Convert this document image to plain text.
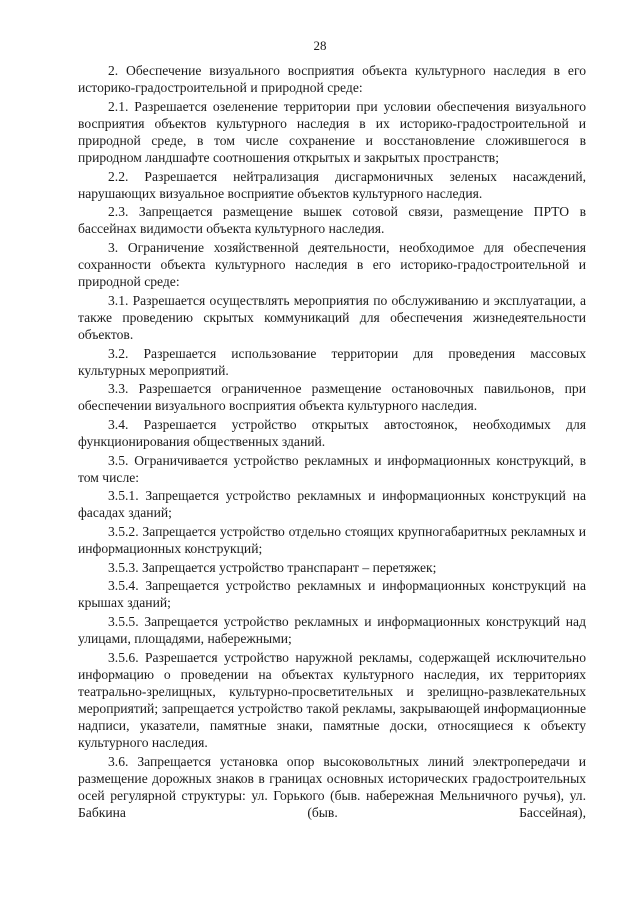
28

2. Обеспечение визуального восприятия объекта культурного наследия в его историко-градостроительной и природной среде:

2.1. Разрешается озеленение территории при условии обеспечения визуального восприятия объектов культурного наследия в их историко-градостроительной и природной среде, в том числе сохранение и восстановление сложившегося в природном ландшафте соотношения открытых и закрытых пространств;

2.2. Разрешается нейтрализация дисгармоничных зеленых насаждений, нарушающих визуальное восприятие объектов культурного наследия.

2.3. Запрещается размещение вышек сотовой связи, размещение ПРТО в бассейнах видимости объекта культурного наследия.

3. Ограничение хозяйственной деятельности, необходимое для обеспечения сохранности объекта культурного наследия в его историко-градостроительной и природной среде:

3.1. Разрешается осуществлять мероприятия по обслуживанию и эксплуатации, а также проведению скрытых коммуникаций для обеспечения жизнедеятельности объектов.

3.2. Разрешается использование территории для проведения массовых культурных мероприятий.

3.3. Разрешается ограниченное размещение остановочных павильонов, при обеспечении визуального восприятия объекта культурного наследия.

3.4. Разрешается устройство открытых автостоянок, необходимых для функционирования общественных зданий.

3.5. Ограничивается устройство рекламных и информационных конструкций, в том числе:

3.5.1. Запрещается устройство рекламных и информационных конструкций на фасадах зданий;

3.5.2. Запрещается устройство отдельно стоящих крупногабаритных рекламных и информационных конструкций;

3.5.3. Запрещается устройство транспарант – перетяжек;

3.5.4. Запрещается устройство рекламных и информационных конструкций на крышах зданий;

3.5.5. Запрещается устройство рекламных и информационных конструкций над улицами, площадями, набережными;

3.5.6. Разрешается устройство наружной рекламы, содержащей исключительно информацию о проведении на объектах культурного наследия, их территориях театрально-зрелищных, культурно-просветительных и зрелищно-развлекательных мероприятий; запрещается устройство такой рекламы, закрывающей информационные надписи, указатели, памятные знаки, памятные доски, относящиеся к объекту культурного наследия.

3.6. Запрещается установка опор высоковольтных линий электропередачи и размещение дорожных знаков в границах основных исторических градостроительных осей регулярной структуры: ул. Горького (быв. набережная Мельничного ручья), ул. Бабкина (быв. Бассейная),
